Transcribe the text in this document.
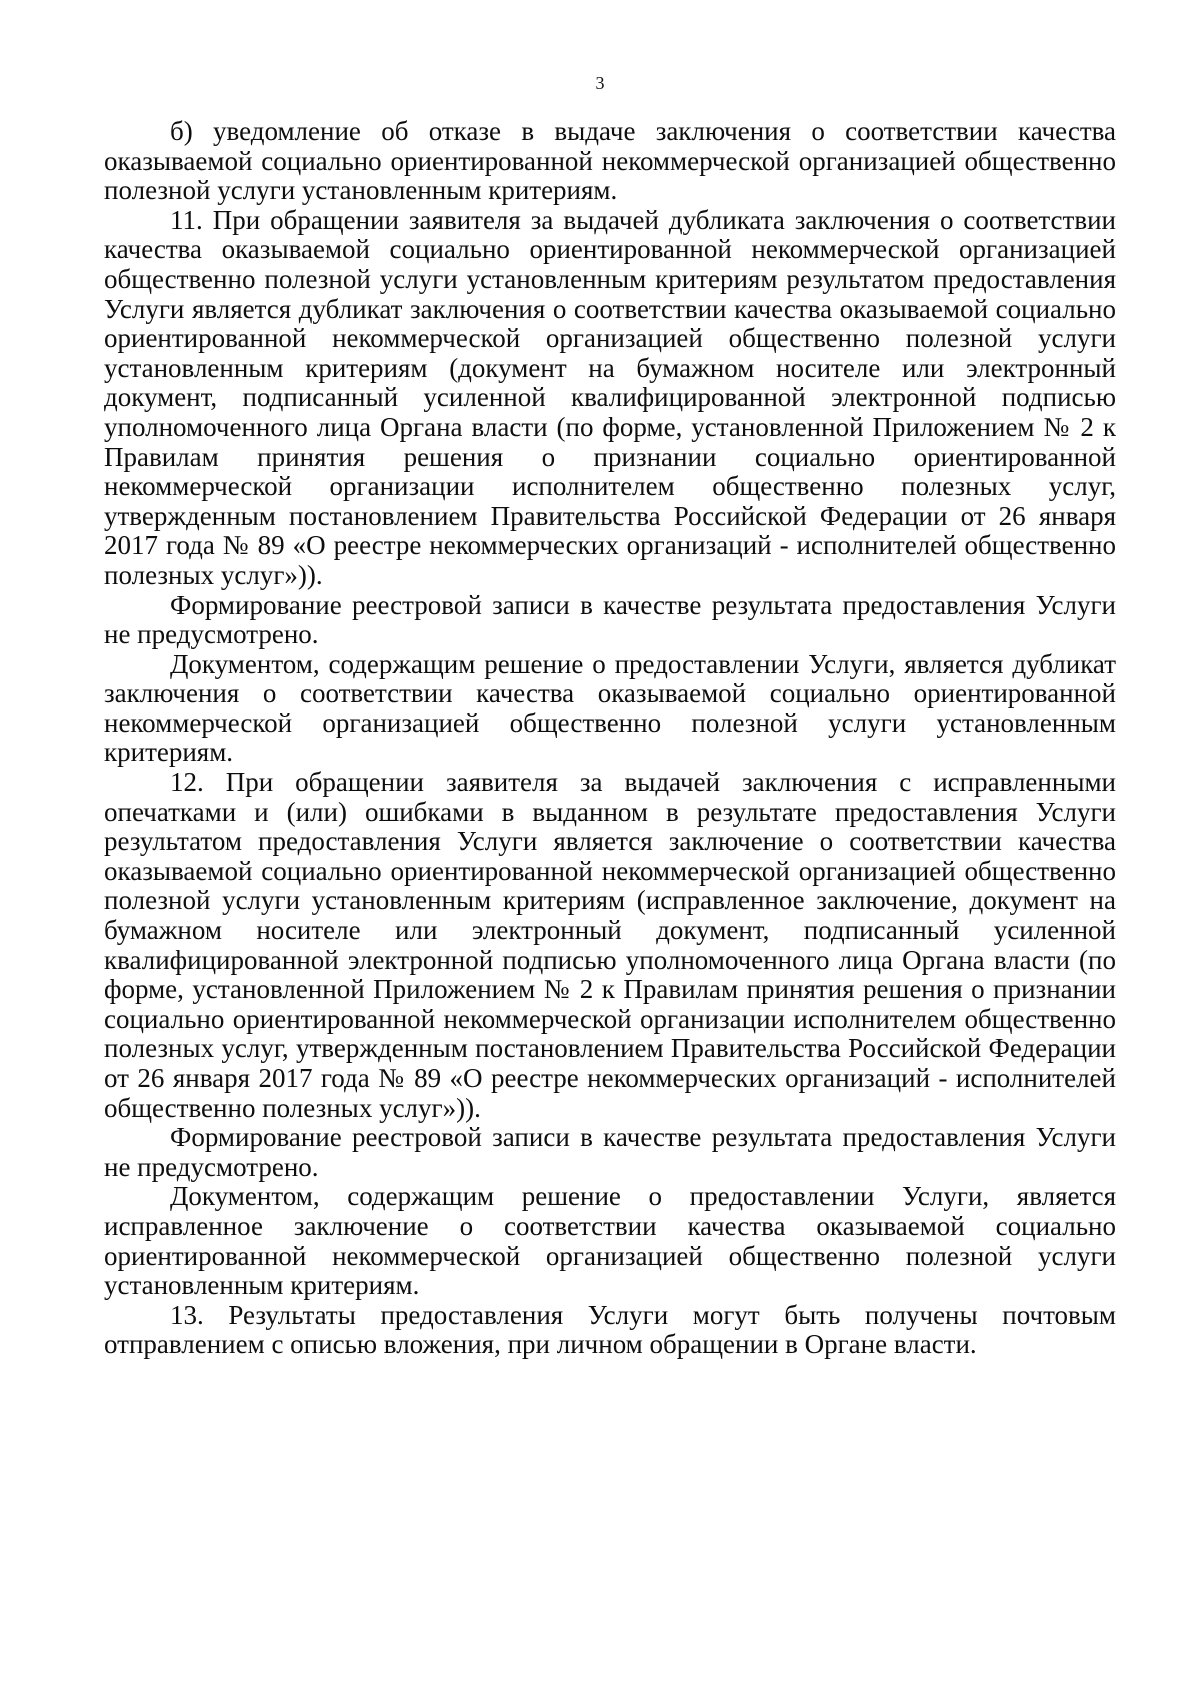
3

б) уведомление об отказе в выдаче заключения о соответствии качества оказываемой социально ориентированной некоммерческой организацией общественно полезной услуги установленным критериям.

11. При обращении заявителя за выдачей дубликата заключения о соответствии качества оказываемой социально ориентированной некоммерческой организацией общественно полезной услуги установленным критериям результатом предоставления Услуги является дубликат заключения о соответствии качества оказываемой социально ориентированной некоммерческой организацией общественно полезной услуги установленным критериям (документ на бумажном носителе или электронный документ, подписанный усиленной квалифицированной электронной подписью уполномоченного лица Органа власти (по форме, установленной Приложением № 2 к Правилам принятия решения о признании социально ориентированной некоммерческой организации исполнителем общественно полезных услуг, утвержденным постановлением Правительства Российской Федерации от 26 января 2017 года № 89 «О реестре некоммерческих организаций - исполнителей общественно полезных услуг»)).

Формирование реестровой записи в качестве результата предоставления Услуги не предусмотрено.

Документом, содержащим решение о предоставлении Услуги, является дубликат заключения о соответствии качества оказываемой социально ориентированной некоммерческой организацией общественно полезной услуги установленным критериям.

12. При обращении заявителя за выдачей заключения с исправленными опечатками и (или) ошибками в выданном в результате предоставления Услуги результатом предоставления Услуги является заключение о соответствии качества оказываемой социально ориентированной некоммерческой организацией общественно полезной услуги установленным критериям (исправленное заключение, документ на бумажном носителе или электронный документ, подписанный усиленной квалифицированной электронной подписью уполномоченного лица Органа власти (по форме, установленной Приложением № 2 к Правилам принятия решения о признании социально ориентированной некоммерческой организации исполнителем общественно полезных услуг, утвержденным постановлением Правительства Российской Федерации от 26 января 2017 года № 89 «О реестре некоммерческих организаций - исполнителей общественно полезных услуг»)).

Формирование реестровой записи в качестве результата предоставления Услуги не предусмотрено.

Документом, содержащим решение о предоставлении Услуги, является исправленное заключение о соответствии качества оказываемой социально ориентированной некоммерческой организацией общественно полезной услуги установленным критериям.

13. Результаты предоставления Услуги могут быть получены почтовым отправлением с описью вложения, при личном обращении в Органе власти.
